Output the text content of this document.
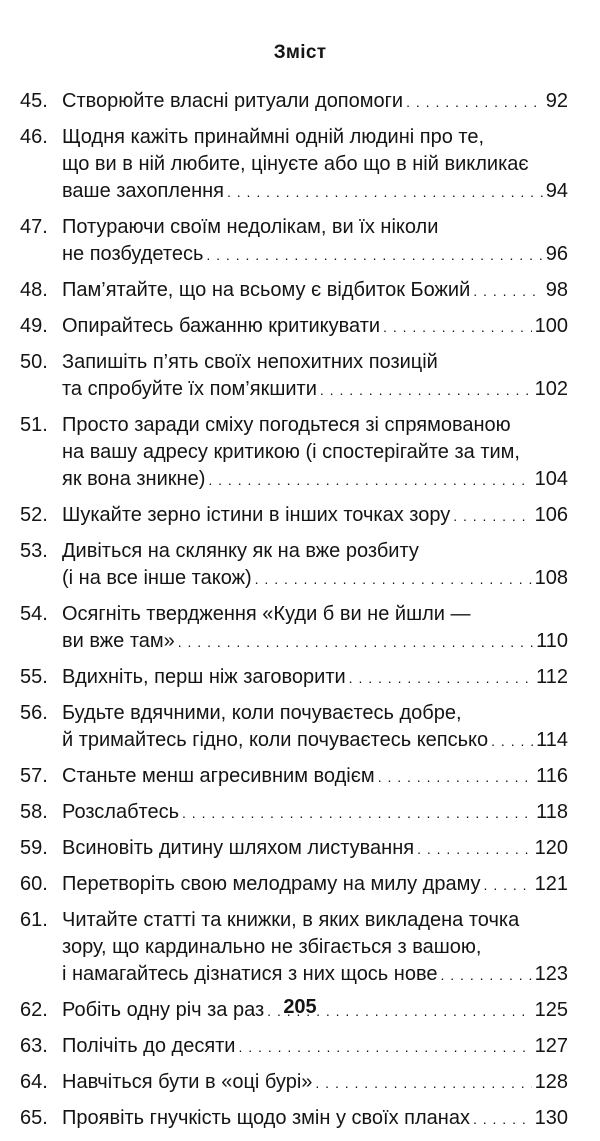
Зміст
45. Створюйте власні ритуали допомоги . . .	92
46. Щодня кажіть принаймні одній людині про те,
що ви в ній любите, цінуєте або що в ній викликає
ваше захоплення . . .	94
47. Потураючи своїм недолікам, ви їх ніколи
не позбудетесь . . .	96
48. Пам’ятайте, що на всьому є відбиток Божий . . .	98
49. Опирайтесь бажанню критикувати . . .	100
50. Запишіть п’ять своїх непохитних позицій
та спробуйте їх пом’якшити . . .	102
51. Просто заради сміху погодьтеся зі спрямованою
на вашу адресу критикою (і спостерігайте за тим,
як вона зникне) . . .	104
52. Шукайте зерно істини в інших точках зору . . .	106
53. Дивіться на склянку як на вже розбиту
(і на все інше також) . . .	108
54. Осягніть твердження «Куди б ви не йшли —
ви вже там» . . .	110
55. Вдихніть, перш ніж заговорити . . .	112
56. Будьте вдячними, коли почуваєтесь добре,
й тримайтесь гідно, коли почуваєтесь кепсько . . . 114
57. Станьте менш агресивним водієм . . .	116
58. Розслабтесь . . .	118
59. Всиновіть дитину шляхом листування . . .	120
60. Перетворіть свою мелодраму на милу драму . . .	121
61. Читайте статті та книжки, в яких викладена точка
зору, що кардинально не збігається з вашою,
і намагайтесь дізнатися з них щось нове . . .	123
62. Робіть одну річ за раз . . .	125
63. Полічіть до десяти . . .	127
64. Навчіться бути в «оці бурі» . . .	128
65. Проявіть гнучкість щодо змін у своїх планах . . .	130
205
